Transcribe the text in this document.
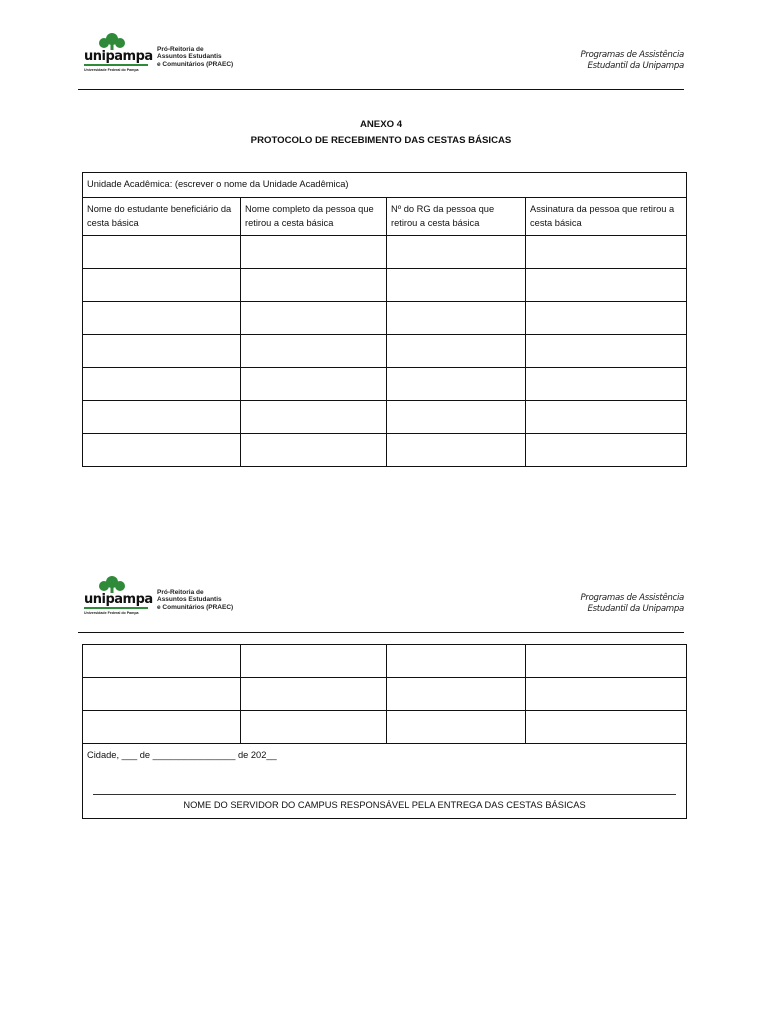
unipampa
Universidade Federal do Pampa
Pró-Reitoria de
Assuntos Estudantis
e Comunitários (PRAEC)
Programas de Assistência
Estudantil da Unipampa
ANEXO 4
PROTOCOLO DE RECEBIMENTO DAS CESTAS BÁSICAS
Unidade Acadêmica: (escrever o nome da Unidade Acadêmica)			
Nome do estudante beneficiário da cesta básica	Nome completo da pessoa que retirou a cesta básica	Nº do RG da pessoa que retirou a cesta básica	Assinatura da pessoa que retirou a cesta básica

unipampa
Universidade Federal do Pampa
Pró-Reitoria de
Assuntos Estudantis
e Comunitários (PRAEC)
Programas de Assistência
Estudantil da Unipampa

Cidade, ___ de ________________ de 202__
NOME DO SERVIDOR DO CAMPUS RESPONSÁVEL PELA ENTREGA DAS CESTAS BÁSICAS			
